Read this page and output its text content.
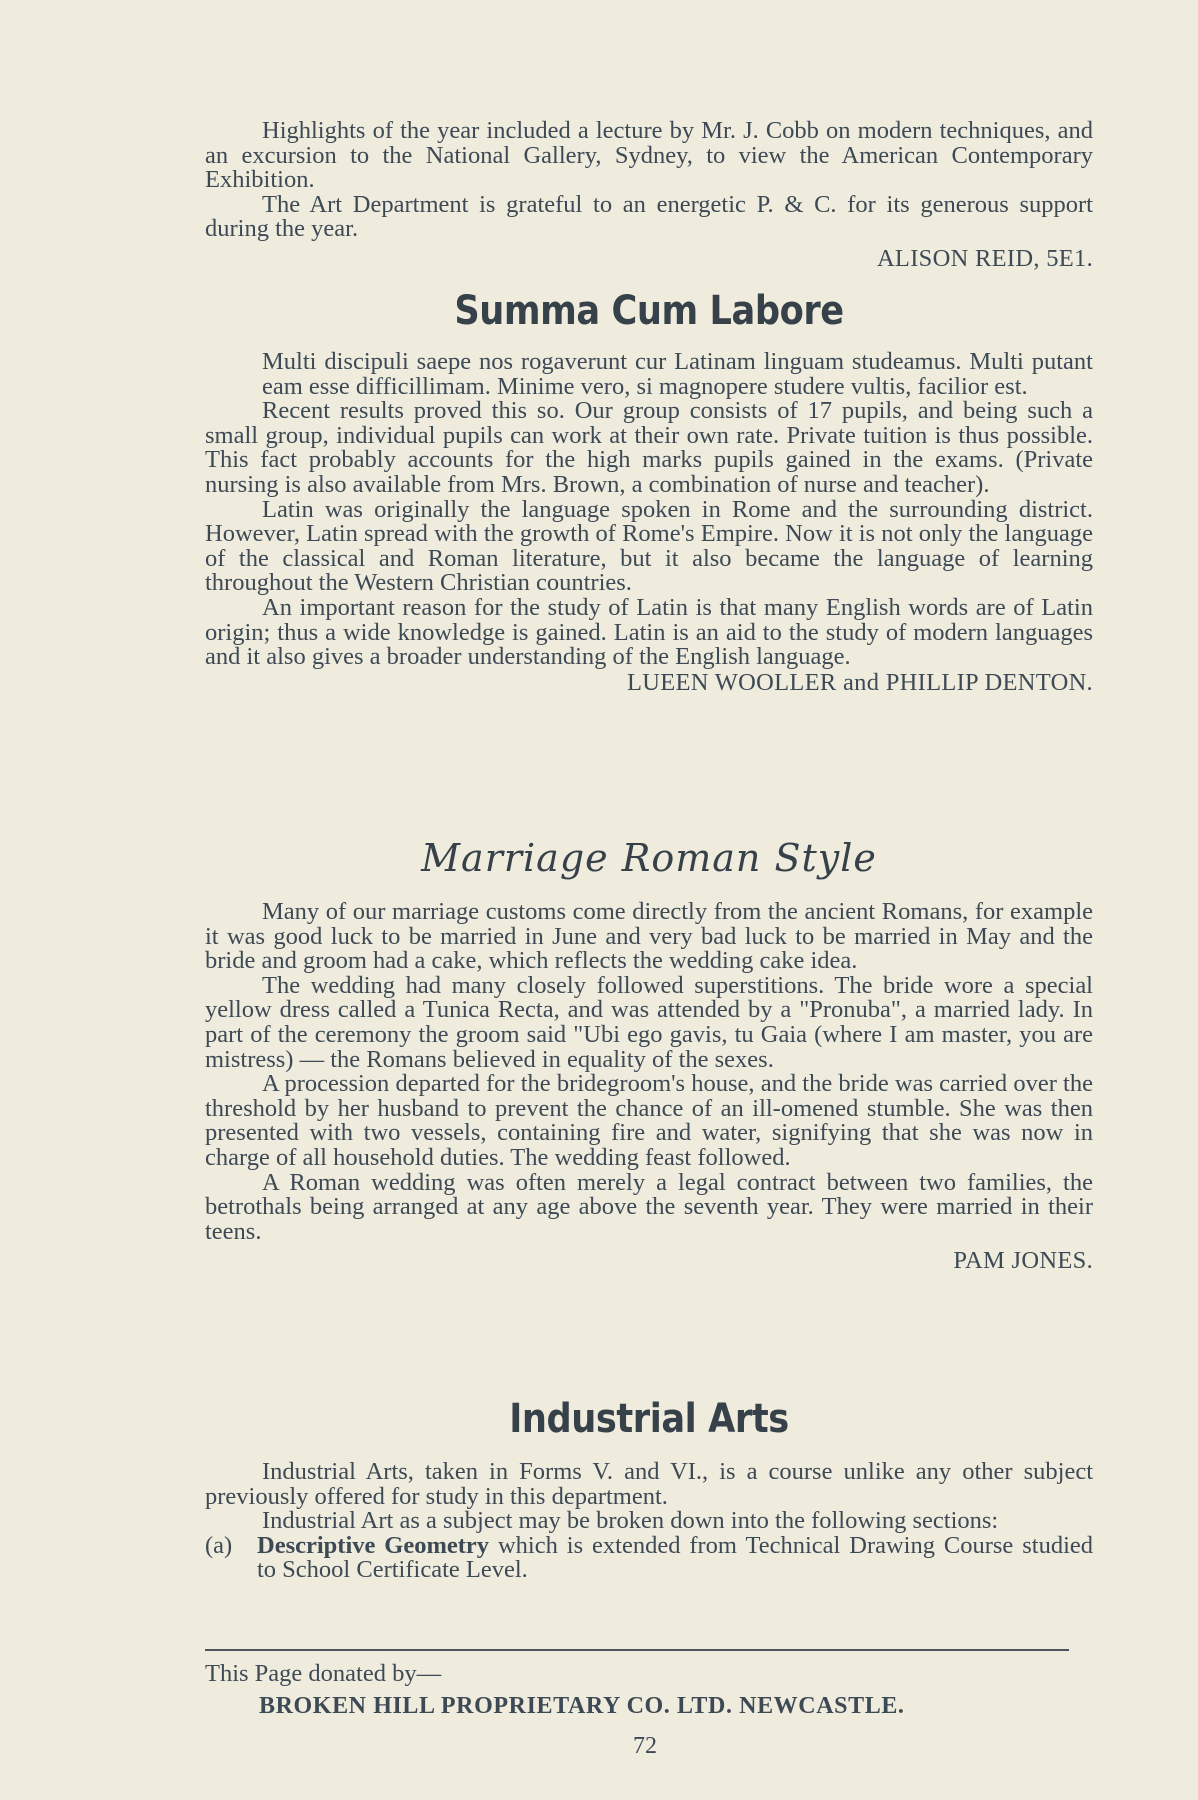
Highlights of the year included a lecture by Mr. J. Cobb on modern techniques, and an excursion to the National Gallery, Sydney, to view the American Contemporary Exhibition.

The Art Department is grateful to an energetic P. & C. for its generous support during the year.

ALISON REID, 5E1.

Summa Cum Labore

Multi discipuli saepe nos rogaverunt cur Latinam linguam studeamus. Multi putant eam esse difficillimam. Minime vero, si magnopere studere vultis, facilior est.

Recent results proved this so. Our group consists of 17 pupils, and being such a small group, individual pupils can work at their own rate. Private tuition is thus possible. This fact probably accounts for the high marks pupils gained in the exams. (Private nursing is also available from Mrs. Brown, a combination of nurse and teacher).

Latin was originally the language spoken in Rome and the surrounding district. However, Latin spread with the growth of Rome's Empire. Now it is not only the language of the classical and Roman literature, but it also became the language of learning throughout the Western Christian countries.

An important reason for the study of Latin is that many English words are of Latin origin; thus a wide knowledge is gained. Latin is an aid to the study of modern languages and it also gives a broader understanding of the English language.

LUEEN WOOLLER and PHILLIP DENTON.

Marriage Roman Style

Many of our marriage customs come directly from the ancient Romans, for example it was good luck to be married in June and very bad luck to be married in May and the bride and groom had a cake, which reflects the wedding cake idea.

The wedding had many closely followed superstitions. The bride wore a special yellow dress called a Tunica Recta, and was attended by a "Pronuba", a married lady. In part of the ceremony the groom said "Ubi ego gavis, tu Gaia (where I am master, you are mistress) — the Romans believed in equality of the sexes.

A procession departed for the bridegroom's house, and the bride was carried over the threshold by her husband to prevent the chance of an ill-omened stumble. She was then presented with two vessels, containing fire and water, signifying that she was now in charge of all household duties. The wedding feast followed.

A Roman wedding was often merely a legal contract between two families, the betrothals being arranged at any age above the seventh year. They were married in their teens.

PAM JONES.

Industrial Arts

Industrial Arts, taken in Forms V. and VI., is a course unlike any other subject previously offered for study in this department.

Industrial Art as a subject may be broken down into the following sections:

(a)	Descriptive Geometry which is extended from Technical Drawing Course studied to School Certificate Level.
This Page donated by—
BROKEN HILL PROPRIETARY CO. LTD. NEWCASTLE.
72
